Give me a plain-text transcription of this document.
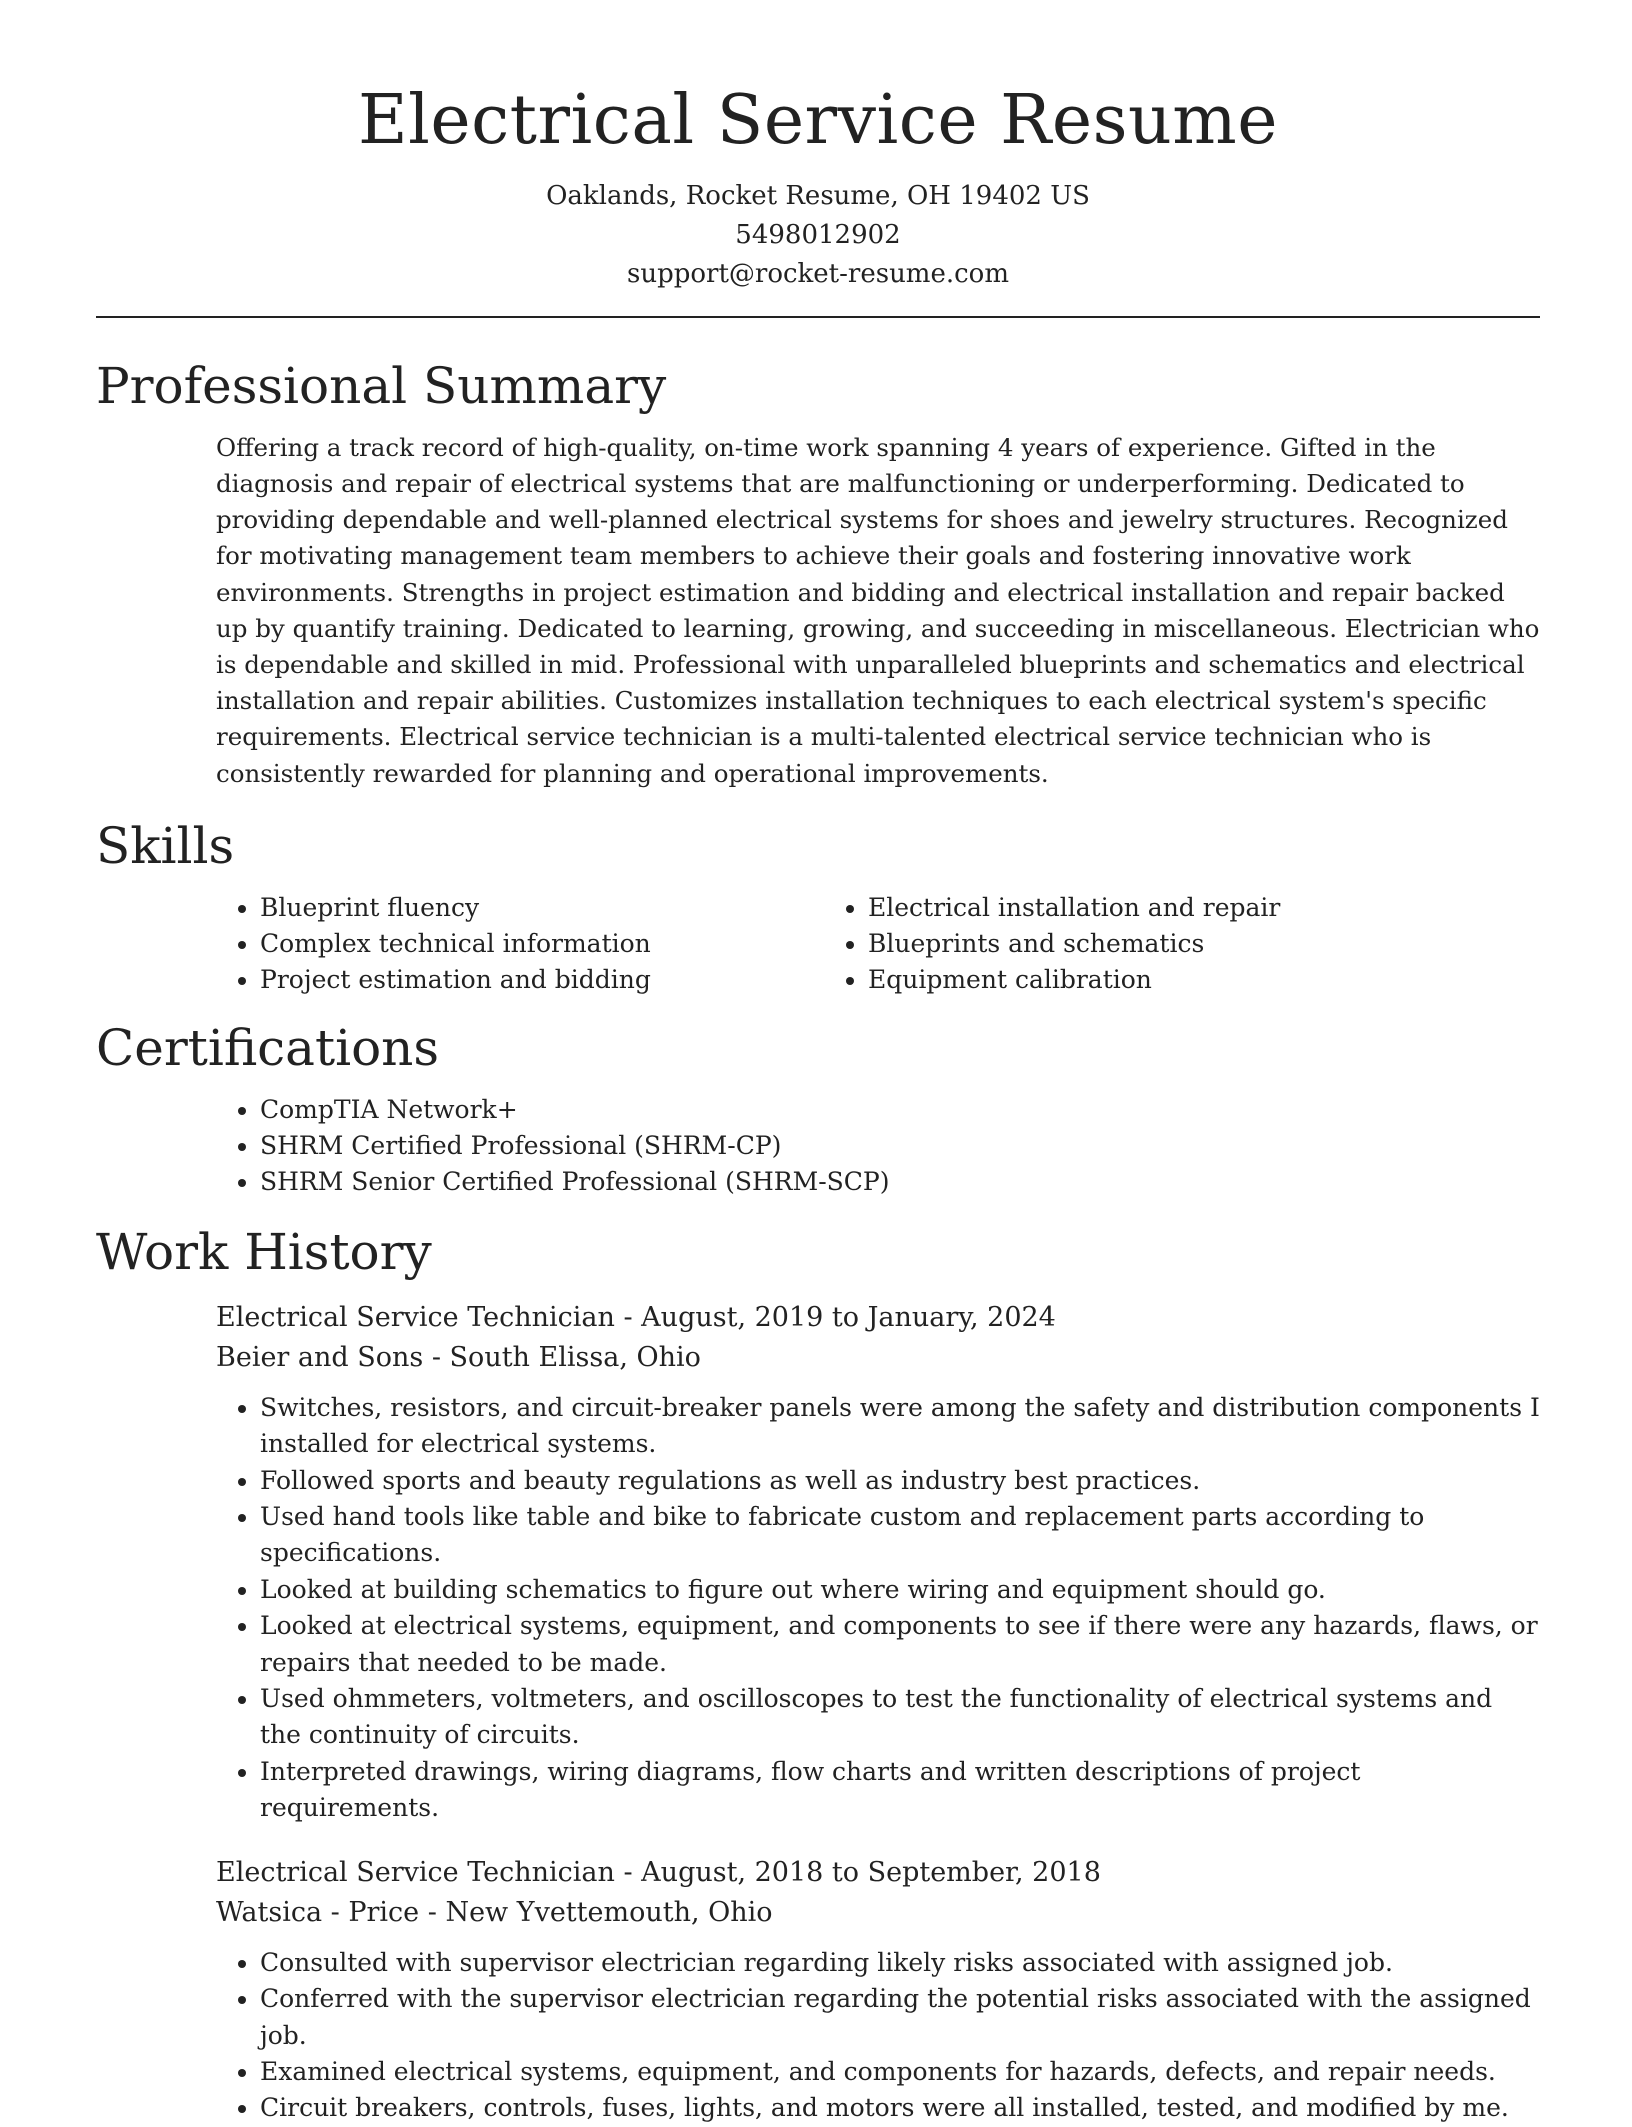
Electrical Service Resume
Oaklands, Rocket Resume, OH 19402 US
5498012902
support@rocket-resume.com
Professional Summary

Offering a track record of high-quality, on-time work spanning 4 years of experience. Gifted in the diagnosis and repair of electrical systems that are malfunctioning or underperforming. Dedicated to providing dependable and well-planned electrical systems for shoes and jewelry structures. Recognized for motivating management team members to achieve their goals and fostering innovative work environments. Strengths in project estimation and bidding and electrical installation and repair backed up by quantify training. Dedicated to learning, growing, and succeeding in miscellaneous. Electrician who is dependable and skilled in mid. Professional with unparalleled blueprints and schematics and electrical installation and repair abilities. Customizes installation techniques to each electrical system's specific requirements. Electrical service technician is a multi-talented electrical service technician who is consistently rewarded for planning and operational improvements.

Skills
• Blueprint fluency
• Complex technical information
• Project estimation and bidding
• Electrical installation and repair
• Blueprints and schematics
• Equipment calibration
Certifications
• CompTIA Network+
• SHRM Certified Professional (SHRM-CP)
• SHRM Senior Certified Professional (SHRM-SCP)
Work History
Electrical Service Technician - August, 2019 to January, 2024
Beier and Sons - South Elissa, Ohio
• Switches, resistors, and circuit-breaker panels were among the safety and distribution components I installed for electrical systems.
• Followed sports and beauty regulations as well as industry best practices.
• Used hand tools like table and bike to fabricate custom and replacement parts according to specifications.
• Looked at building schematics to figure out where wiring and equipment should go.
• Looked at electrical systems, equipment, and components to see if there were any hazards, flaws, or repairs that needed to be made.
• Used ohmmeters, voltmeters, and oscilloscopes to test the functionality of electrical systems and the continuity of circuits.
• Interpreted drawings, wiring diagrams, flow charts and written descriptions of project requirements.
Electrical Service Technician - August, 2018 to September, 2018
Watsica - Price - New Yvettemouth, Ohio
• Consulted with supervisor electrician regarding likely risks associated with assigned job.
• Conferred with the supervisor electrician regarding the potential risks associated with the assigned job.
• Examined electrical systems, equipment, and components for hazards, defects, and repair needs.
• Circuit breakers, controls, fuses, lights, and motors were all installed, tested, and modified by me.
